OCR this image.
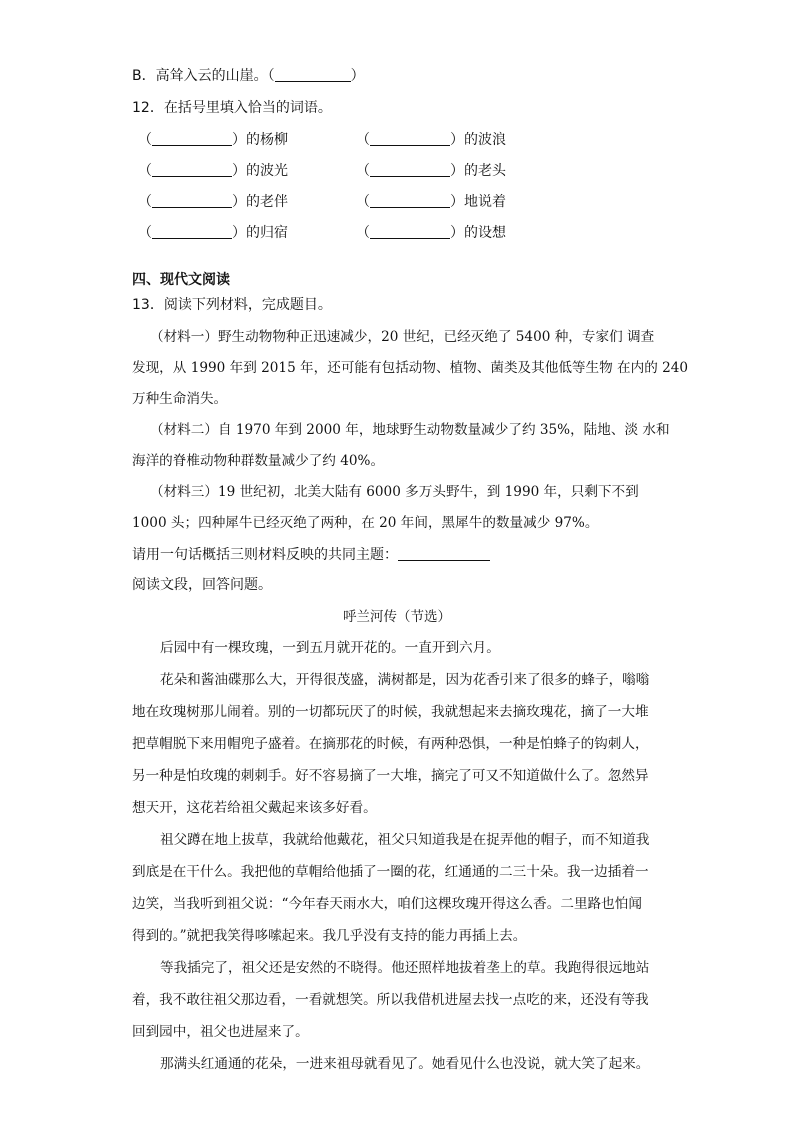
B．高耸入云的山崖。（	）
12．在括号里填入恰当的词语。
（	）的杨柳	（	）的波浪
（	）的波光	（	）的老头
（	）的老伴	（	）地说着
（	）的归宿	（	）的设想
四、现代文阅读
13．阅读下列材料，完成题目。
（材料一）野生动物物种正迅速减少，20 世纪，已经灭绝了 5400 种，专家们 调查
发现，从 1990 年到 2015 年，还可能有包括动物、植物、菌类及其他低等生物 在内的 240
万种生命消失。
（材料二）自 1970 年到 2000 年，地球野生动物数量减少了约 35%，陆地、淡 水和
海洋的脊椎动物种群数量减少了约 40%。
（材料三）19 世纪初，北美大陆有 6000 多万头野牛，到 1990 年，只剩下不到
1000 头；四种犀牛已经灭绝了两种，在 20 年间，黑犀牛的数量减少 97%。
请用一句话概括三则材料反映的共同主题：
阅读文段，回答问题。
呼兰河传（节选）
后园中有一棵玫瑰，一到五月就开花的。一直开到六月。
花朵和酱油碟那么大，开得很茂盛，满树都是，因为花香引来了很多的蜂子，嗡嗡
地在玫瑰树那儿闹着。别的一切都玩厌了的时候，我就想起来去摘玫瑰花，摘了一大堆
把草帽脱下来用帽兜子盛着。在摘那花的时候，有两种恐惧，一种是怕蜂子的钩刺人，
另一种是怕玫瑰的刺刺手。好不容易摘了一大堆，摘完了可又不知道做什么了。忽然异
想天开，这花若给祖父戴起来该多好看。
祖父蹲在地上拔草，我就给他戴花，祖父只知道我是在捉弄他的帽子，而不知道我
到底是在干什么。我把他的草帽给他插了一圈的花，红通通的二三十朵。我一边插着一
边笑，当我听到祖父说：“今年春天雨水大，咱们这棵玫瑰开得这么香。二里路也怕闻
得到的。”就把我笑得哆嗦起来。我几乎没有支持的能力再插上去。
等我插完了，祖父还是安然的不晓得。他还照样地拔着垄上的草。我跑得很远地站
着，我不敢往祖父那边看，一看就想笑。所以我借机进屋去找一点吃的来，还没有等我
回到园中，祖父也进屋来了。
那满头红通通的花朵，一进来祖母就看见了。她看见什么也没说，就大笑了起来。
